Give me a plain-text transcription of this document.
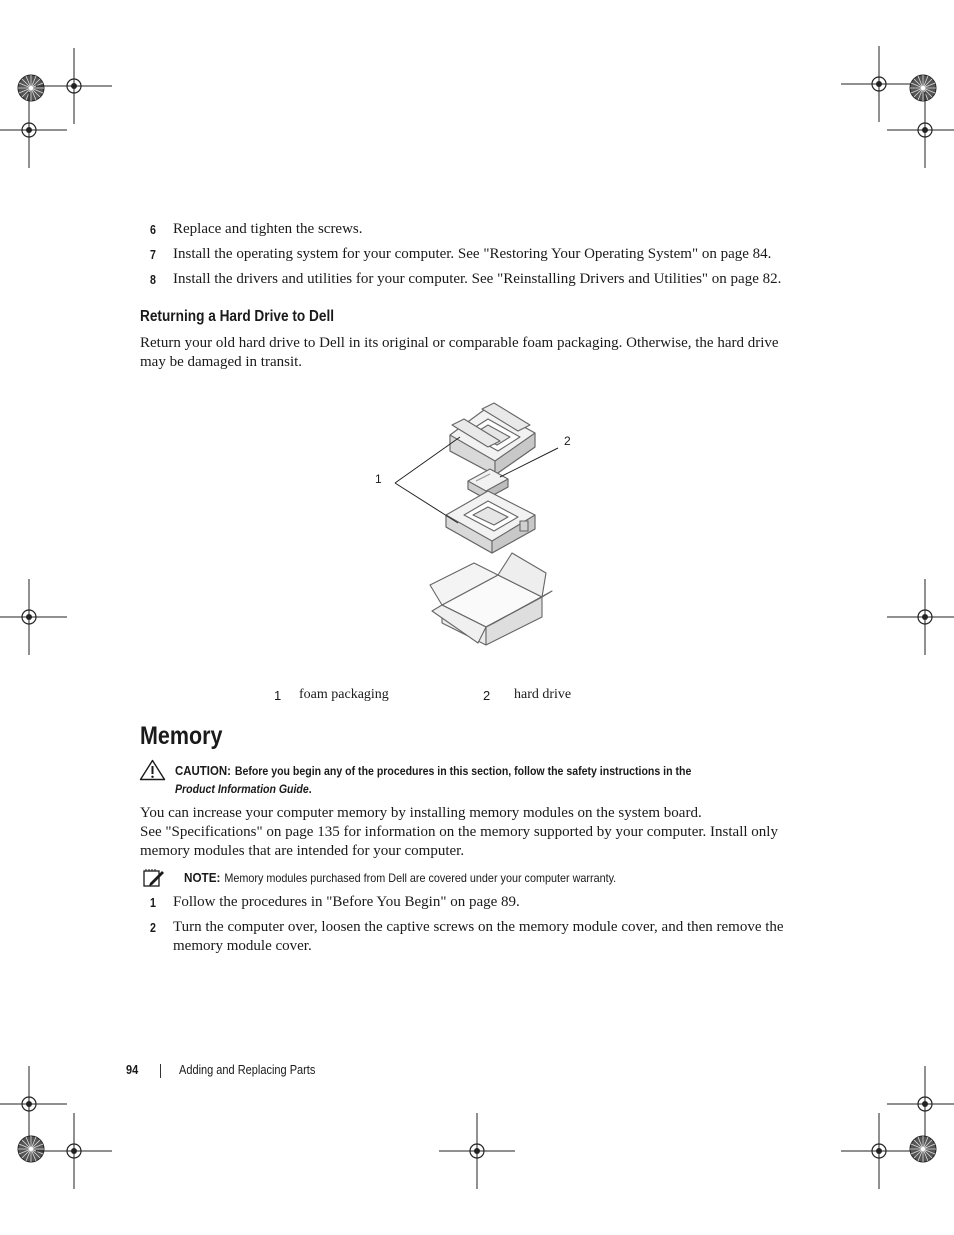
6 Replace and tighten the screws.
7 Install the operating system for your computer. See "Restoring Your Operating System" on page 84.
8 Install the drivers and utilities for your computer. See "Reinstalling Drivers and Utilities" on page 82.
Returning a Hard Drive to Dell
Return your old hard drive to Dell in its original or comparable foam packaging. Otherwise, the hard drive may be damaged in transit.
1
2
1 foam packaging	2 hard drive
Memory
CAUTION: Before you begin any of the procedures in this section, follow the safety instructions in the
Product Information Guide.
You can increase your computer memory by installing memory modules on the system board.
See "Specifications" on page 135 for information on the memory supported by your computer. Install only memory modules that are intended for your computer.
NOTE: Memory modules purchased from Dell are covered under your computer warranty.
1 Follow the procedures in "Before You Begin" on page 89.
2 Turn the computer over, loosen the captive screws on the memory module cover, and then remove the memory module cover.
94	Adding and Replacing Parts
